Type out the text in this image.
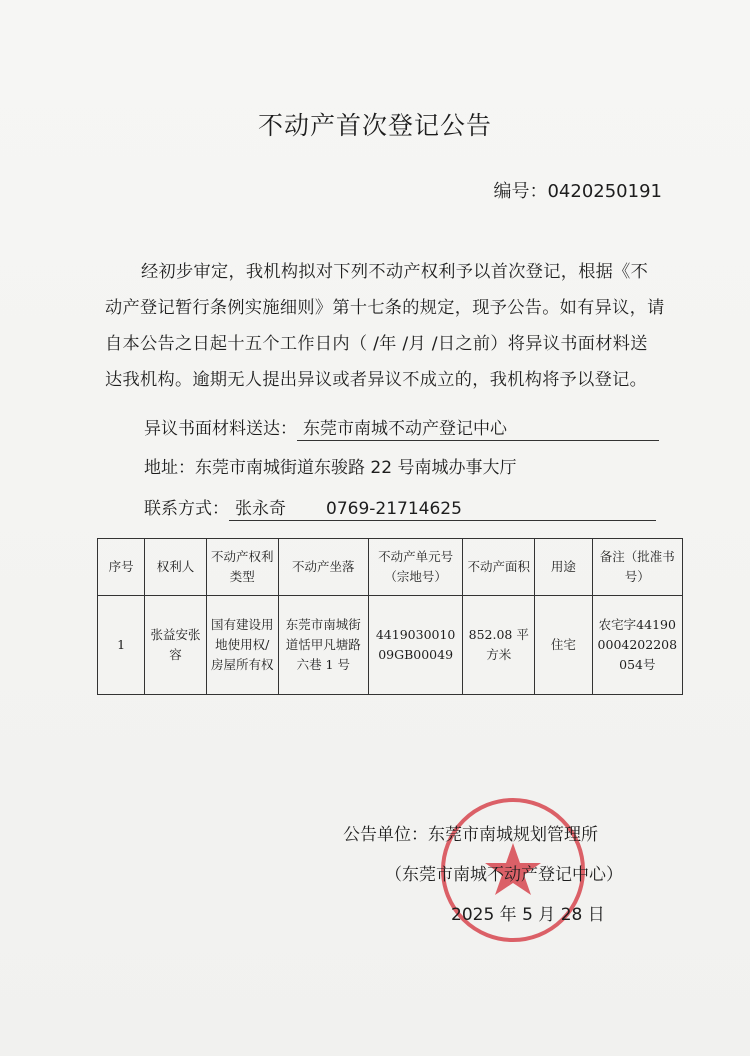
不动产首次登记公告
编号：0420250191
经初步审定，我机构拟对下列不动产权利予以首次登记，根据《不动产登记暂行条例实施细则》第十七条的规定，现予公告。如有异议，请自本公告之日起十五个工作日内（ /年 /月 /日之前）将异议书面材料送达我机构。逾期无人提出异议或者异议不成立的，我机构将予以登记。
异议书面材料送达： 东莞市南城不动产登记中心
地址：东莞市南城街道东骏路 22 号南城办事大厅
联系方式： 张永奇 0769-21714625
序号	权利人	不动产权利类型	不动产坐落	不动产单元号（宗地号）	不动产面积	用途	备注（批准书号）
1	张益安张容	国有建设用地使用权/房屋所有权	东莞市南城街道恬甲凡塘路六巷 1 号	441903001009GB00049	852.08 平方米	住宅	农宅字441900004202208054号
公告单位：东莞市南城规划管理所
（东莞市南城不动产登记中心）
2025 年 5 月 28 日
